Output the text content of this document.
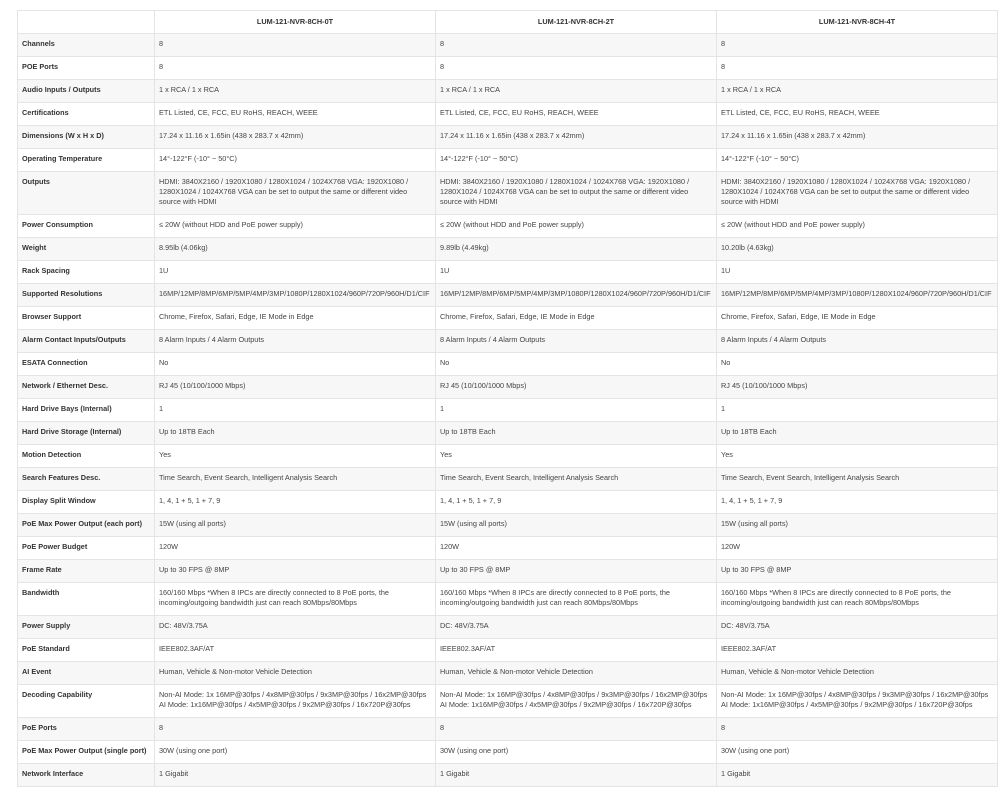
	LUM-121-NVR-8CH-0T	LUM-121-NVR-8CH-2T	LUM-121-NVR-8CH-4T
Channels	8	8	8
POE Ports	8	8	8
Audio Inputs / Outputs	1 x RCA / 1 x RCA	1 x RCA / 1 x RCA	1 x RCA / 1 x RCA
Certifications	ETL Listed, CE, FCC, EU RoHS, REACH, WEEE	ETL Listed, CE, FCC, EU RoHS, REACH, WEEE	ETL Listed, CE, FCC, EU RoHS, REACH, WEEE
Dimensions (W x H x D)	17.24 x 11.16 x 1.65in (438 x 283.7 x 42mm)	17.24 x 11.16 x 1.65in (438 x 283.7 x 42mm)	17.24 x 11.16 x 1.65in (438 x 283.7 x 42mm)
Operating Temperature	14°-122°F (-10° ~ 50°C)	14°-122°F (-10° ~ 50°C)	14°-122°F (-10° ~ 50°C)
Outputs	HDMI: 3840X2160 / 1920X1080 / 1280X1024 / 1024X768 VGA: 1920X1080 / 1280X1024 / 1024X768 VGA can be set to output the same or different video source with HDMI	HDMI: 3840X2160 / 1920X1080 / 1280X1024 / 1024X768 VGA: 1920X1080 / 1280X1024 / 1024X768 VGA can be set to output the same or different video source with HDMI	HDMI: 3840X2160 / 1920X1080 / 1280X1024 / 1024X768 VGA: 1920X1080 / 1280X1024 / 1024X768 VGA can be set to output the same or different video source with HDMI
Power Consumption	≤ 20W (without HDD and PoE power supply)	≤ 20W (without HDD and PoE power supply)	≤ 20W (without HDD and PoE power supply)
Weight	8.95lb (4.06kg)	9.89lb (4.49kg)	10.20lb (4.63kg)
Rack Spacing	1U	1U	1U
Supported Resolutions	16MP/12MP/8MP/6MP/5MP/4MP/3MP/1080P/1280X1024/960P/720P/960H/D1/CIF	16MP/12MP/8MP/6MP/5MP/4MP/3MP/1080P/1280X1024/960P/720P/960H/D1/CIF	16MP/12MP/8MP/6MP/5MP/4MP/3MP/1080P/1280X1024/960P/720P/960H/D1/CIF
Browser Support	Chrome, Firefox, Safari, Edge, IE Mode in Edge	Chrome, Firefox, Safari, Edge, IE Mode in Edge	Chrome, Firefox, Safari, Edge, IE Mode in Edge
Alarm Contact Inputs/Outputs	8 Alarm Inputs / 4 Alarm Outputs	8 Alarm Inputs / 4 Alarm Outputs	8 Alarm Inputs / 4 Alarm Outputs
ESATA Connection	No	No	No
Network / Ethernet Desc.	RJ 45 (10/100/1000 Mbps)	RJ 45 (10/100/1000 Mbps)	RJ 45 (10/100/1000 Mbps)
Hard Drive Bays (Internal)	1	1	1
Hard Drive Storage (Internal)	Up to 18TB Each	Up to 18TB Each	Up to 18TB Each
Motion Detection	Yes	Yes	Yes
Search Features Desc.	Time Search, Event Search, Intelligent Analysis Search	Time Search, Event Search, Intelligent Analysis Search	Time Search, Event Search, Intelligent Analysis Search
Display Split Window	1, 4, 1 + 5, 1 + 7, 9	1, 4, 1 + 5, 1 + 7, 9	1, 4, 1 + 5, 1 + 7, 9
PoE Max Power Output (each port)	15W (using all ports)	15W (using all ports)	15W (using all ports)
PoE Power Budget	120W	120W	120W
Frame Rate	Up to 30 FPS @ 8MP	Up to 30 FPS @ 8MP	Up to 30 FPS @ 8MP
Bandwidth	160/160 Mbps *When 8 IPCs are directly connected to 8 PoE ports, the incoming/outgoing bandwidth just can reach 80Mbps/80Mbps	160/160 Mbps *When 8 IPCs are directly connected to 8 PoE ports, the incoming/outgoing bandwidth just can reach 80Mbps/80Mbps	160/160 Mbps *When 8 IPCs are directly connected to 8 PoE ports, the incoming/outgoing bandwidth just can reach 80Mbps/80Mbps
Power Supply	DC: 48V/3.75A	DC: 48V/3.75A	DC: 48V/3.75A
PoE Standard	IEEE802.3AF/AT	IEEE802.3AF/AT	IEEE802.3AF/AT
AI Event	Human, Vehicle & Non-motor Vehicle Detection	Human, Vehicle & Non-motor Vehicle Detection	Human, Vehicle & Non-motor Vehicle Detection
Decoding Capability	Non-AI Mode: 1x 16MP@30fps / 4x8MP@30fps / 9x3MP@30fps / 16x2MP@30fps AI Mode: 1x16MP@30fps / 4x5MP@30fps / 9x2MP@30fps / 16x720P@30fps	Non-AI Mode: 1x 16MP@30fps / 4x8MP@30fps / 9x3MP@30fps / 16x2MP@30fps AI Mode: 1x16MP@30fps / 4x5MP@30fps / 9x2MP@30fps / 16x720P@30fps	Non-AI Mode: 1x 16MP@30fps / 4x8MP@30fps / 9x3MP@30fps / 16x2MP@30fps AI Mode: 1x16MP@30fps / 4x5MP@30fps / 9x2MP@30fps / 16x720P@30fps
PoE Ports	8	8	8
PoE Max Power Output (single port)	30W (using one port)	30W (using one port)	30W (using one port)
Network Interface	1 Gigabit	1 Gigabit	1 Gigabit
